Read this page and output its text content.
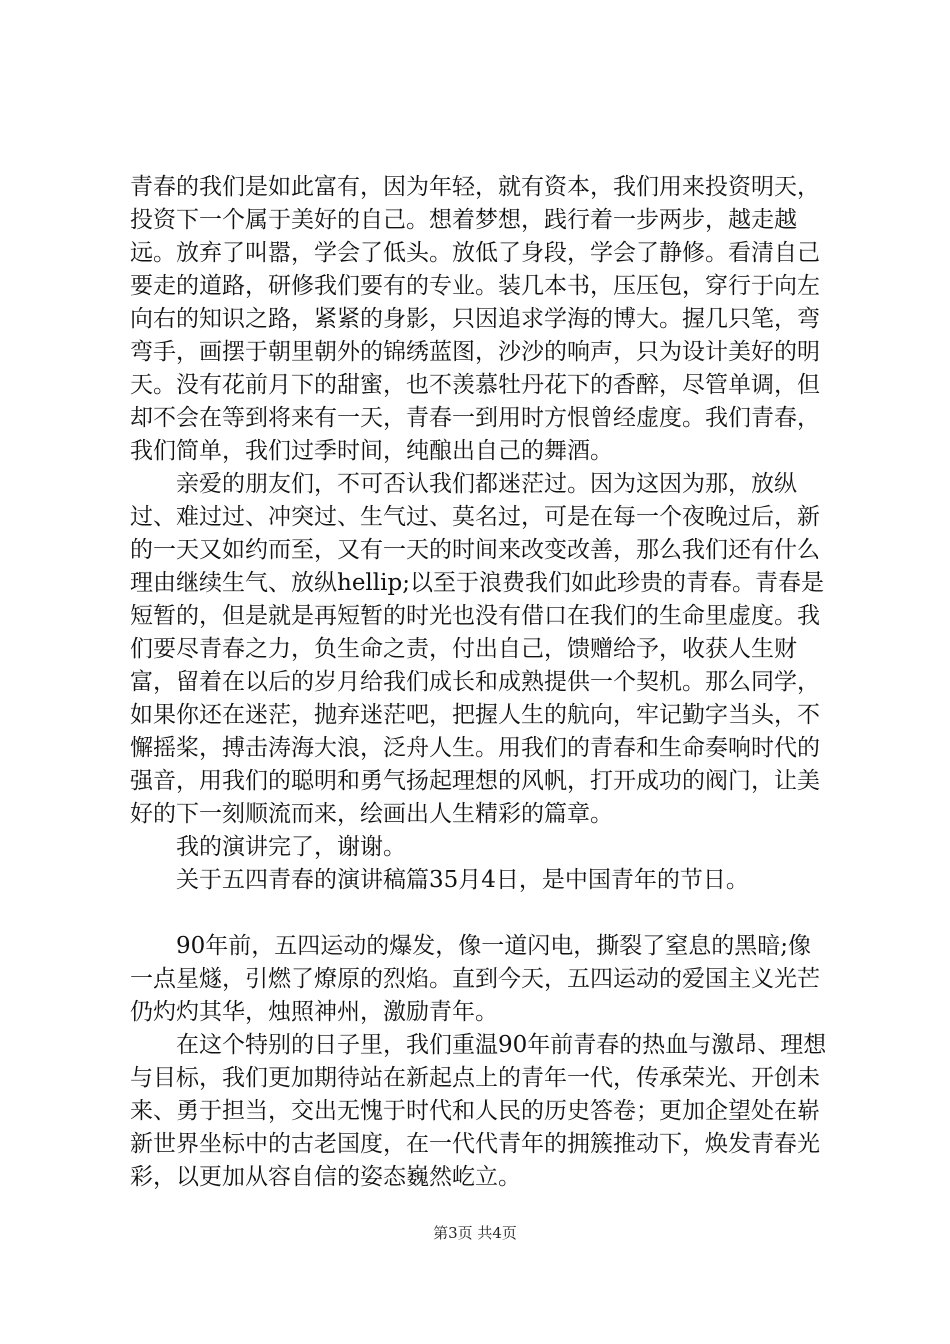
青春的我们是如此富有，因为年轻，就有资本，我们用来投资明天，投资下一个属于美好的自己。想着梦想，践行着一步两步，越走越远。放弃了叫嚣，学会了低头。放低了身段，学会了静修。看清自己要走的道路，研修我们要有的专业。装几本书，压压包，穿行于向左向右的知识之路，紧紧的身影，只因追求学海的博大。握几只笔，弯弯手，画摆于朝里朝外的锦绣蓝图，沙沙的响声，只为设计美好的明天。没有花前月下的甜蜜，也不羡慕牡丹花下的香醉，尽管单调，但却不会在等到将来有一天，青春一到用时方恨曾经虚度。我们青春，我们简单，我们过季时间，纯酿出自己的舞酒。

亲爱的朋友们，不可否认我们都迷茫过。因为这因为那，放纵过、难过过、冲突过、生气过、莫名过，可是在每一个夜晚过后，新的一天又如约而至，又有一天的时间来改变改善，那么我们还有什么理由继续生气、放纵hellip;以至于浪费我们如此珍贵的青春。青春是短暂的，但是就是再短暂的时光也没有借口在我们的生命里虚度。我们要尽青春之力，负生命之责，付出自己，馈赠给予，收获人生财富，留着在以后的岁月给我们成长和成熟提供一个契机。那么同学，如果你还在迷茫，抛弃迷茫吧，把握人生的航向，牢记勤字当头，不懈摇桨，搏击涛海大浪，泛舟人生。用我们的青春和生命奏响时代的强音，用我们的聪明和勇气扬起理想的风帆，打开成功的阀门，让美好的下一刻顺流而来，绘画出人生精彩的篇章。

我的演讲完了，谢谢。

关于五四青春的演讲稿篇35月4日，是中国青年的节日。

90年前，五四运动的爆发，像一道闪电，撕裂了窒息的黑暗;像一点星燧，引燃了燎原的烈焰。直到今天，五四运动的爱国主义光芒仍灼灼其华，烛照神州，激励青年。

在这个特别的日子里，我们重温90年前青春的热血与激昂、理想与目标，我们更加期待站在新起点上的青年一代，传承荣光、开创未来、勇于担当，交出无愧于时代和人民的历史答卷；更加企望处在崭新世界坐标中的古老国度，在一代代青年的拥簇推动下，焕发青春光彩，以更加从容自信的姿态巍然屹立。

第3页 共4页
